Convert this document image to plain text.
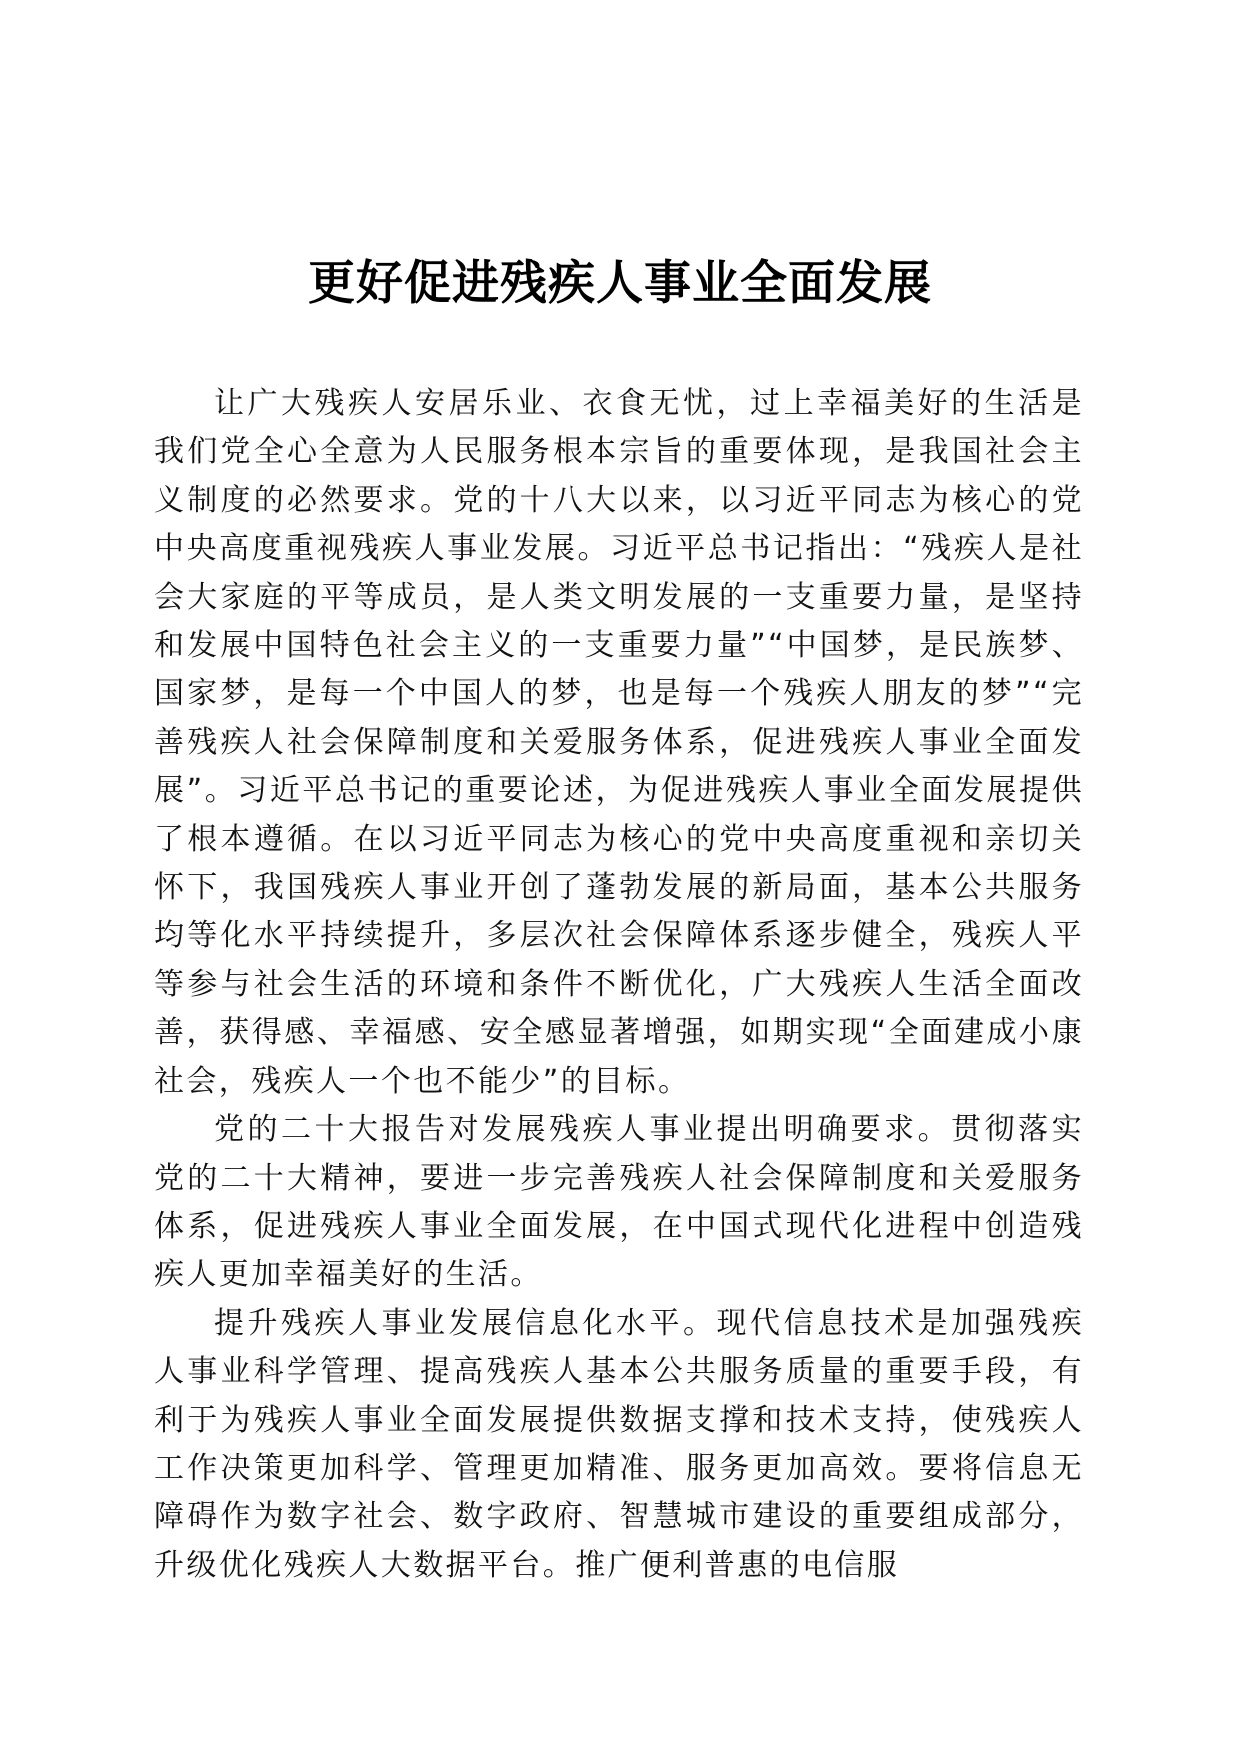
更好促进残疾人事业全面发展

让广大残疾人安居乐业、衣食无忧，过上幸福美好的生活是我们党全心全意为人民服务根本宗旨的重要体现，是我国社会主义制度的必然要求。党的十八大以来，以习近平同志为核心的党中央高度重视残疾人事业发展。习近平总书记指出：“残疾人是社会大家庭的平等成员，是人类文明发展的一支重要力量，是坚持和发展中国特色社会主义的一支重要力量”“中国梦，是民族梦、国家梦，是每一个中国人的梦，也是每一个残疾人朋友的梦”“完善残疾人社会保障制度和关爱服务体系，促进残疾人事业全面发展”。习近平总书记的重要论述，为促进残疾人事业全面发展提供了根本遵循。在以习近平同志为核心的党中央高度重视和亲切关怀下，我国残疾人事业开创了蓬勃发展的新局面，基本公共服务均等化水平持续提升，多层次社会保障体系逐步健全，残疾人平等参与社会生活的环境和条件不断优化，广大残疾人生活全面改善，获得感、幸福感、安全感显著增强，如期实现“全面建成小康社会，残疾人一个也不能少”的目标。

党的二十大报告对发展残疾人事业提出明确要求。贯彻落实党的二十大精神，要进一步完善残疾人社会保障制度和关爱服务体系，促进残疾人事业全面发展，在中国式现代化进程中创造残疾人更加幸福美好的生活。

提升残疾人事业发展信息化水平。现代信息技术是加强残疾人事业科学管理、提高残疾人基本公共服务质量的重要手段，有利于为残疾人事业全面发展提供数据支撑和技术支持，使残疾人工作决策更加科学、管理更加精准、服务更加高效。要将信息无障碍作为数字社会、数字政府、智慧城市建设的重要组成部分，升级优化残疾人大数据平台。推广便利普惠的电信服
